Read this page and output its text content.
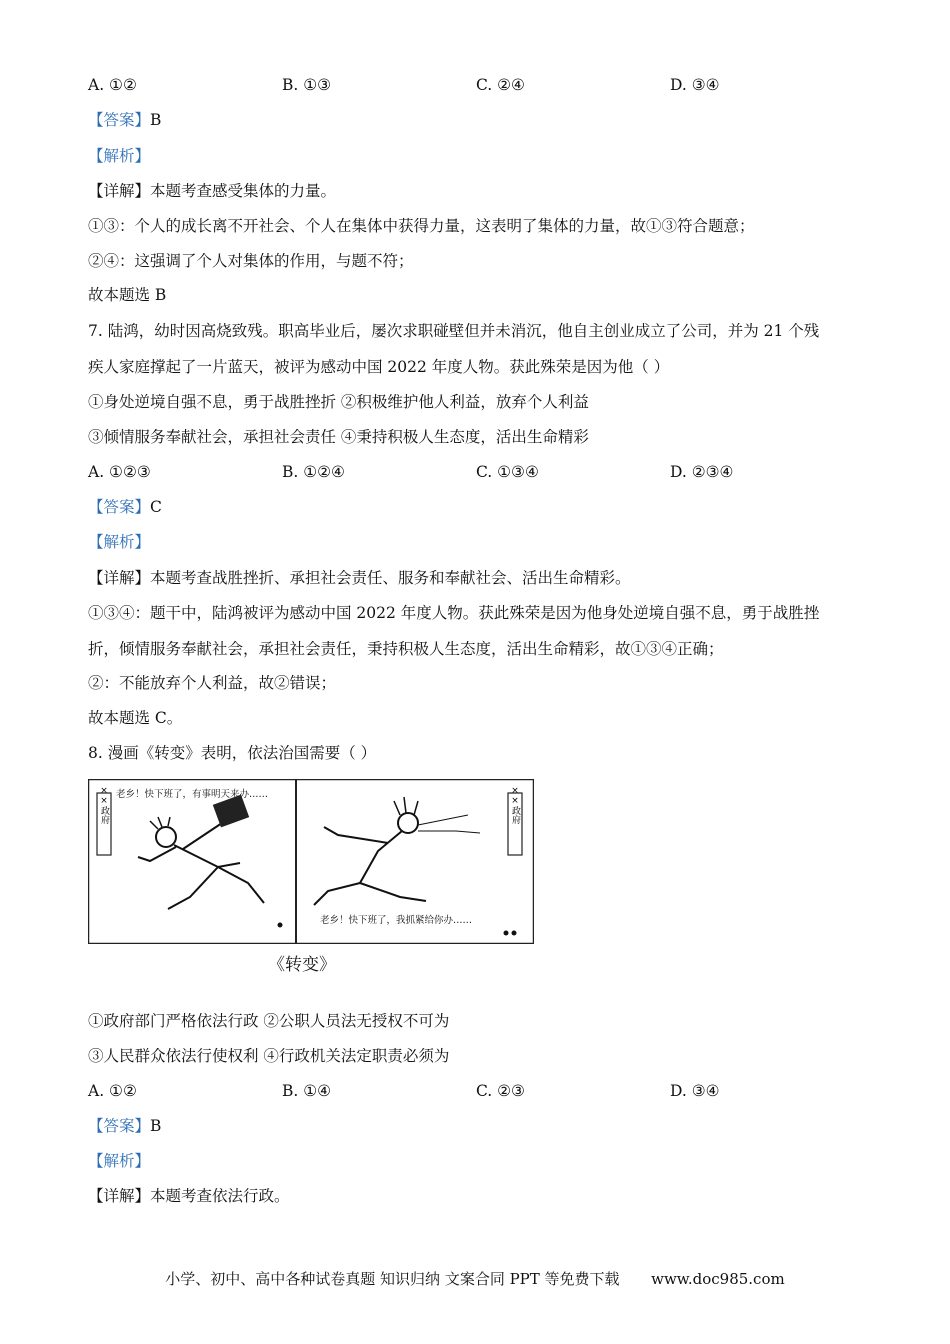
A. ①②	B. ①③	C. ②④	D. ③④
【答案】B
【解析】
【详解】本题考查感受集体的力量。
①③：个人的成长离不开社会、个人在集体中获得力量，这表明了集体的力量，故①③符合题意；
②④：这强调了个人对集体的作用，与题不符；
故本题选 B
7. 陆鸿，幼时因高烧致残。职高毕业后，屡次求职碰壁但并未消沉，他自主创业成立了公司，并为 21 个残
疾人家庭撑起了一片蓝天，被评为感动中国 2022 年度人物。获此殊荣是因为他（ ）
①身处逆境自强不息，勇于战胜挫折 ②积极维护他人利益，放弃个人利益
③倾情服务奉献社会，承担社会责任 ④秉持积极人生态度，活出生命精彩
A. ①②③	B. ①②④	C. ①③④	D. ②③④
【答案】C
【解析】
【详解】本题考查战胜挫折、承担社会责任、服务和奉献社会、活出生命精彩。
①③④：题干中，陆鸿被评为感动中国 2022 年度人物。获此殊荣是因为他身处逆境自强不息，勇于战胜挫
折，倾情服务奉献社会，承担社会责任，秉持积极人生态度，活出生命精彩，故①③④正确；
②：不能放弃个人利益，故②错误；
故本题选 C。
8. 漫画《转变》表明，依法治国需要（ ）
××政府 老乡！快下班了，有事明天来办……	××政府
老乡！快下班了，我抓紧给你办……
《转变》
①政府部门严格依法行政 ②公职人员法无授权不可为
③人民群众依法行使权利 ④行政机关法定职责必须为
A. ①②	B. ①④	C. ②③	D. ③④
【答案】B
【解析】
【详解】本题考查依法行政。
小学、初中、高中各种试卷真题 知识归纳 文案合同 PPT 等免费下载 www.doc985.com
